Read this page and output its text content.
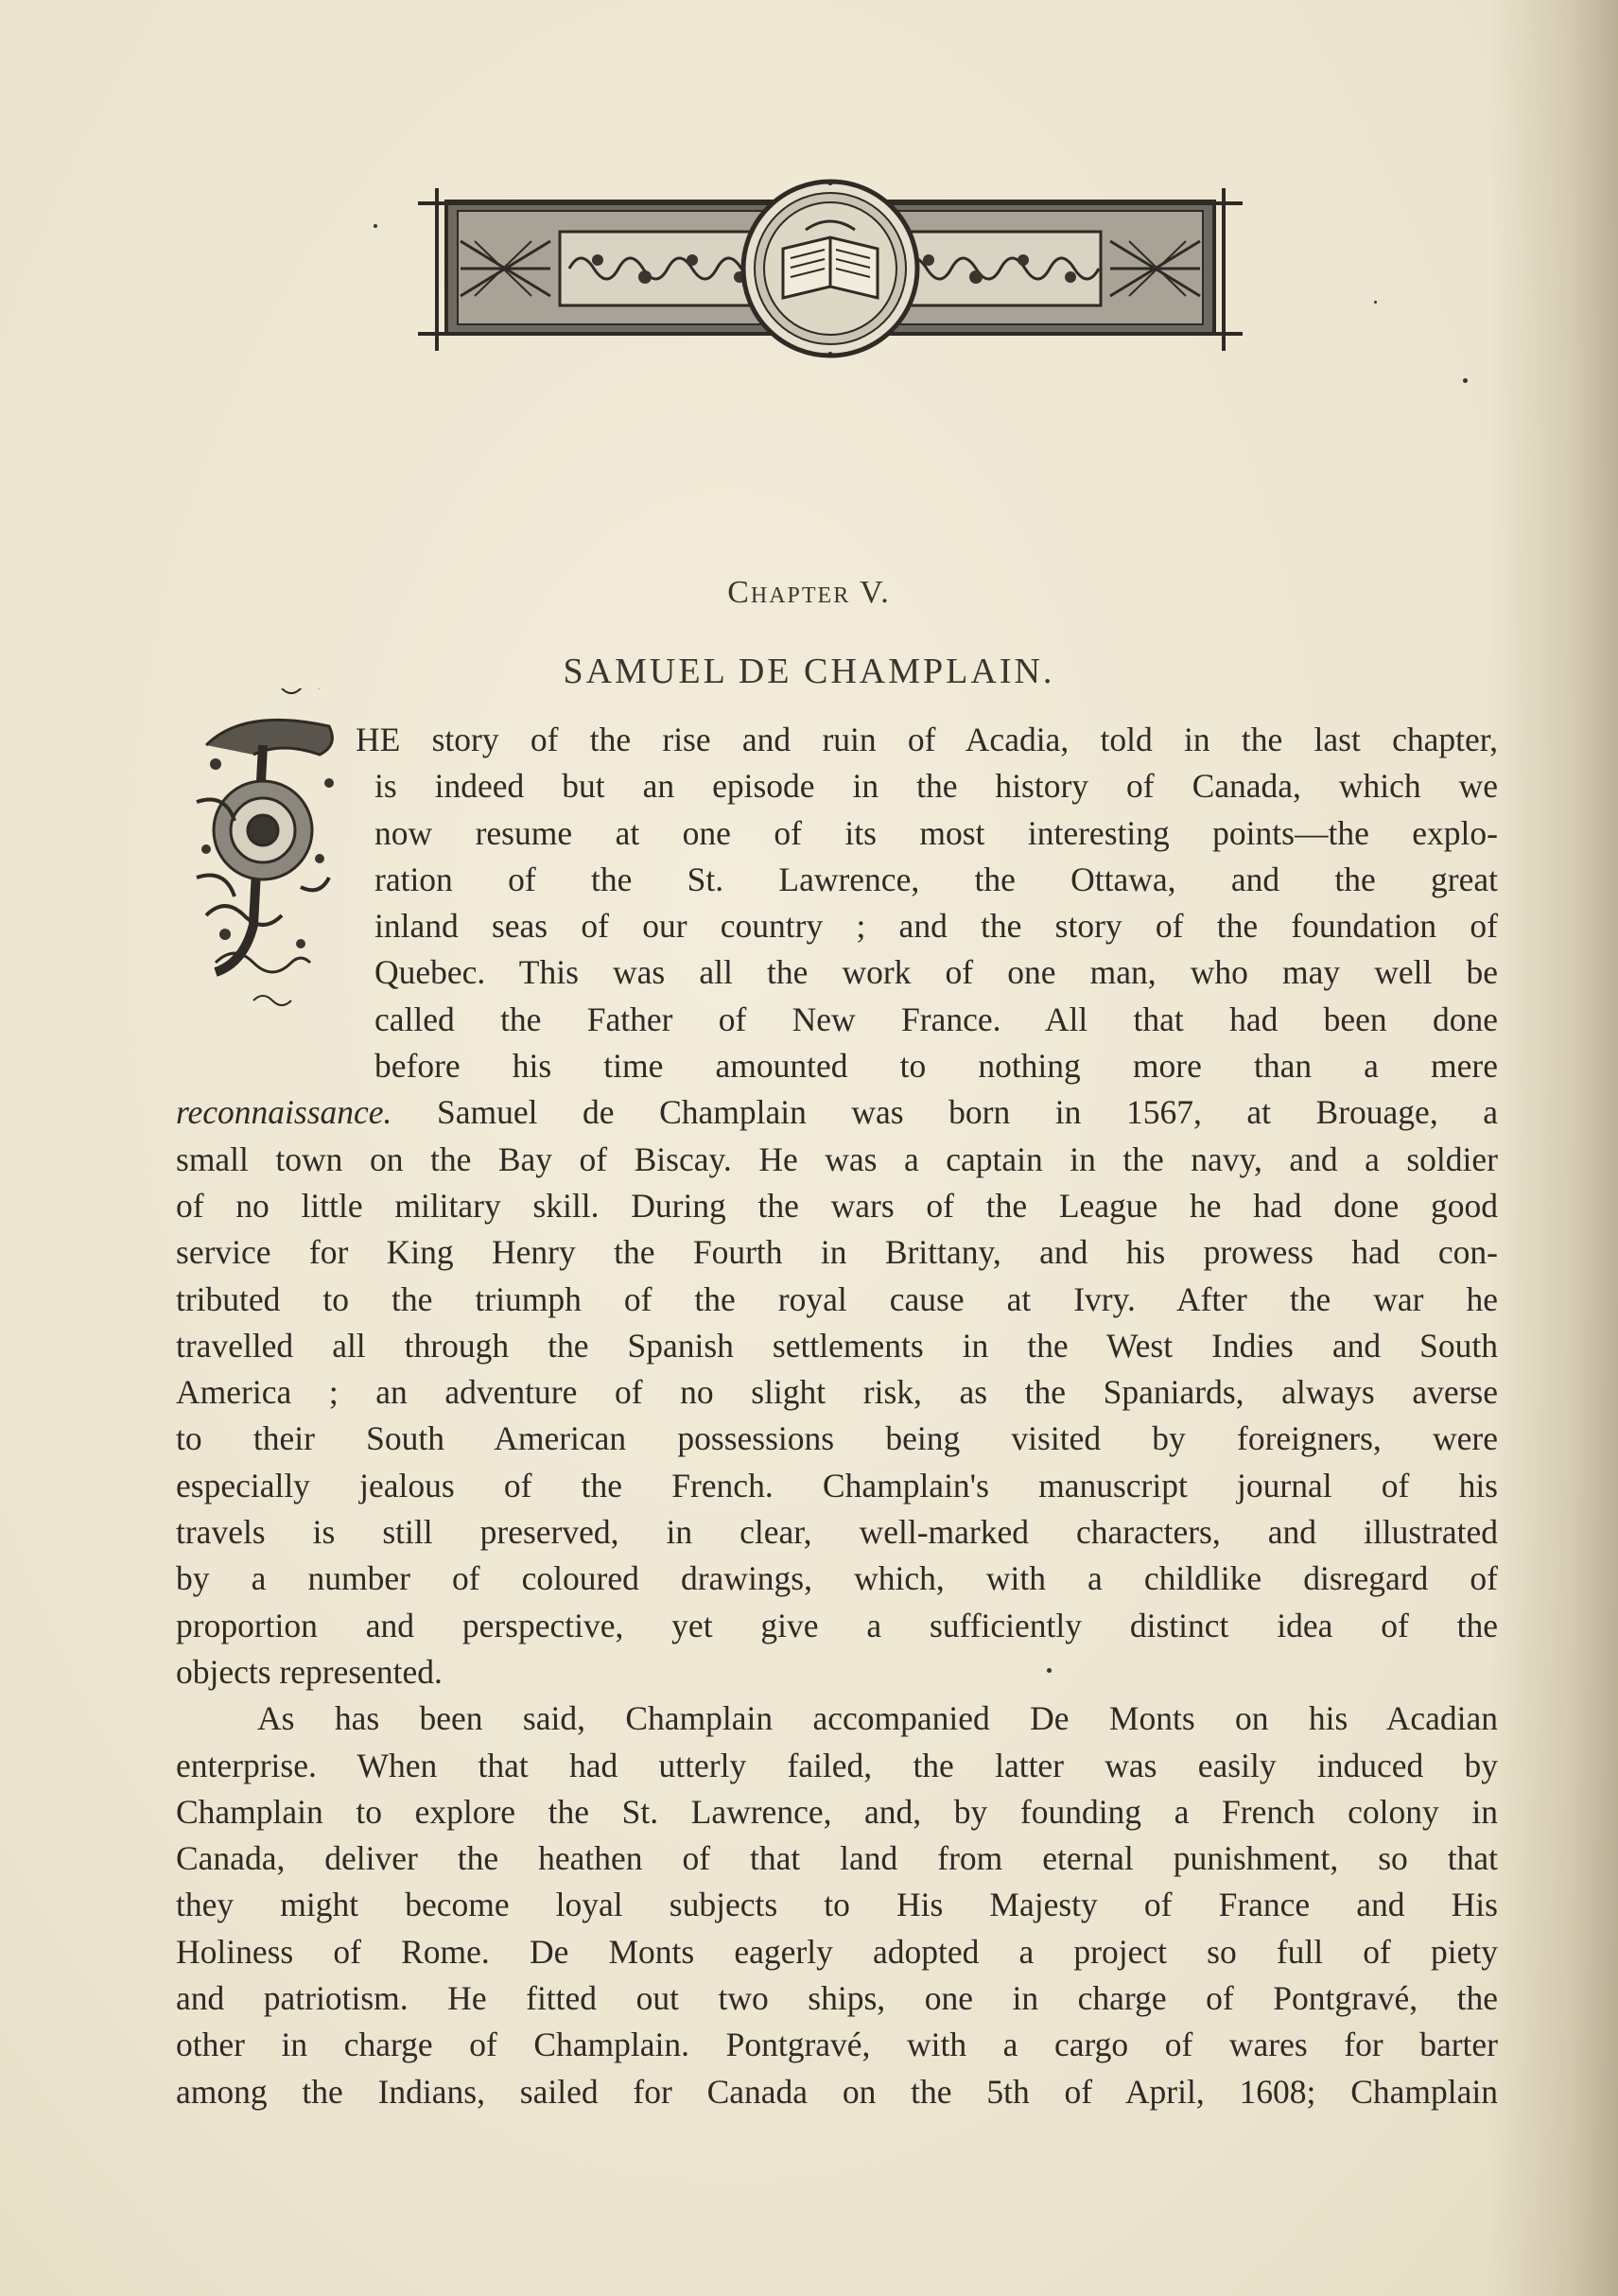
Chapter V.
SAMUEL DE CHAMPLAIN.
HE story of the rise and ruin of Acadia, told in the last chapter,
is indeed but an episode in the history of Canada, which we
now resume at one of its most interesting points—the explo-
ration of the St. Lawrence, the Ottawa, and the great
inland seas of our country ; and the story of the foundation of
Quebec. This was all the work of one man, who may well be
called the Father of New France. All that had been done
before his time amounted to nothing more than a mere
reconnaissance. Samuel de Champlain was born in 1567, at Brouage, a
small town on the Bay of Biscay. He was a captain in the navy, and a soldier
of no little military skill. During the wars of the League he had done good
service for King Henry the Fourth in Brittany, and his prowess had con-
tributed to the triumph of the royal cause at Ivry. After the war he
travelled all through the Spanish settlements in the West Indies and South
America ; an adventure of no slight risk, as the Spaniards, always averse
to their South American possessions being visited by foreigners, were
especially jealous of the French. Champlain's manuscript journal of his
travels is still preserved, in clear, well-marked characters, and illustrated
by a number of coloured drawings, which, with a childlike disregard of
proportion and perspective, yet give a sufficiently distinct idea of the
objects represented.
As has been said, Champlain accompanied De Monts on his Acadian
enterprise. When that had utterly failed, the latter was easily induced by
Champlain to explore the St. Lawrence, and, by founding a French colony in
Canada, deliver the heathen of that land from eternal punishment, so that
they might become loyal subjects to His Majesty of France and His
Holiness of Rome. De Monts eagerly adopted a project so full of piety
and patriotism. He fitted out two ships, one in charge of Pontgravé, the
other in charge of Champlain. Pontgravé, with a cargo of wares for barter
among the Indians, sailed for Canada on the 5th of April, 1608; Champlain
